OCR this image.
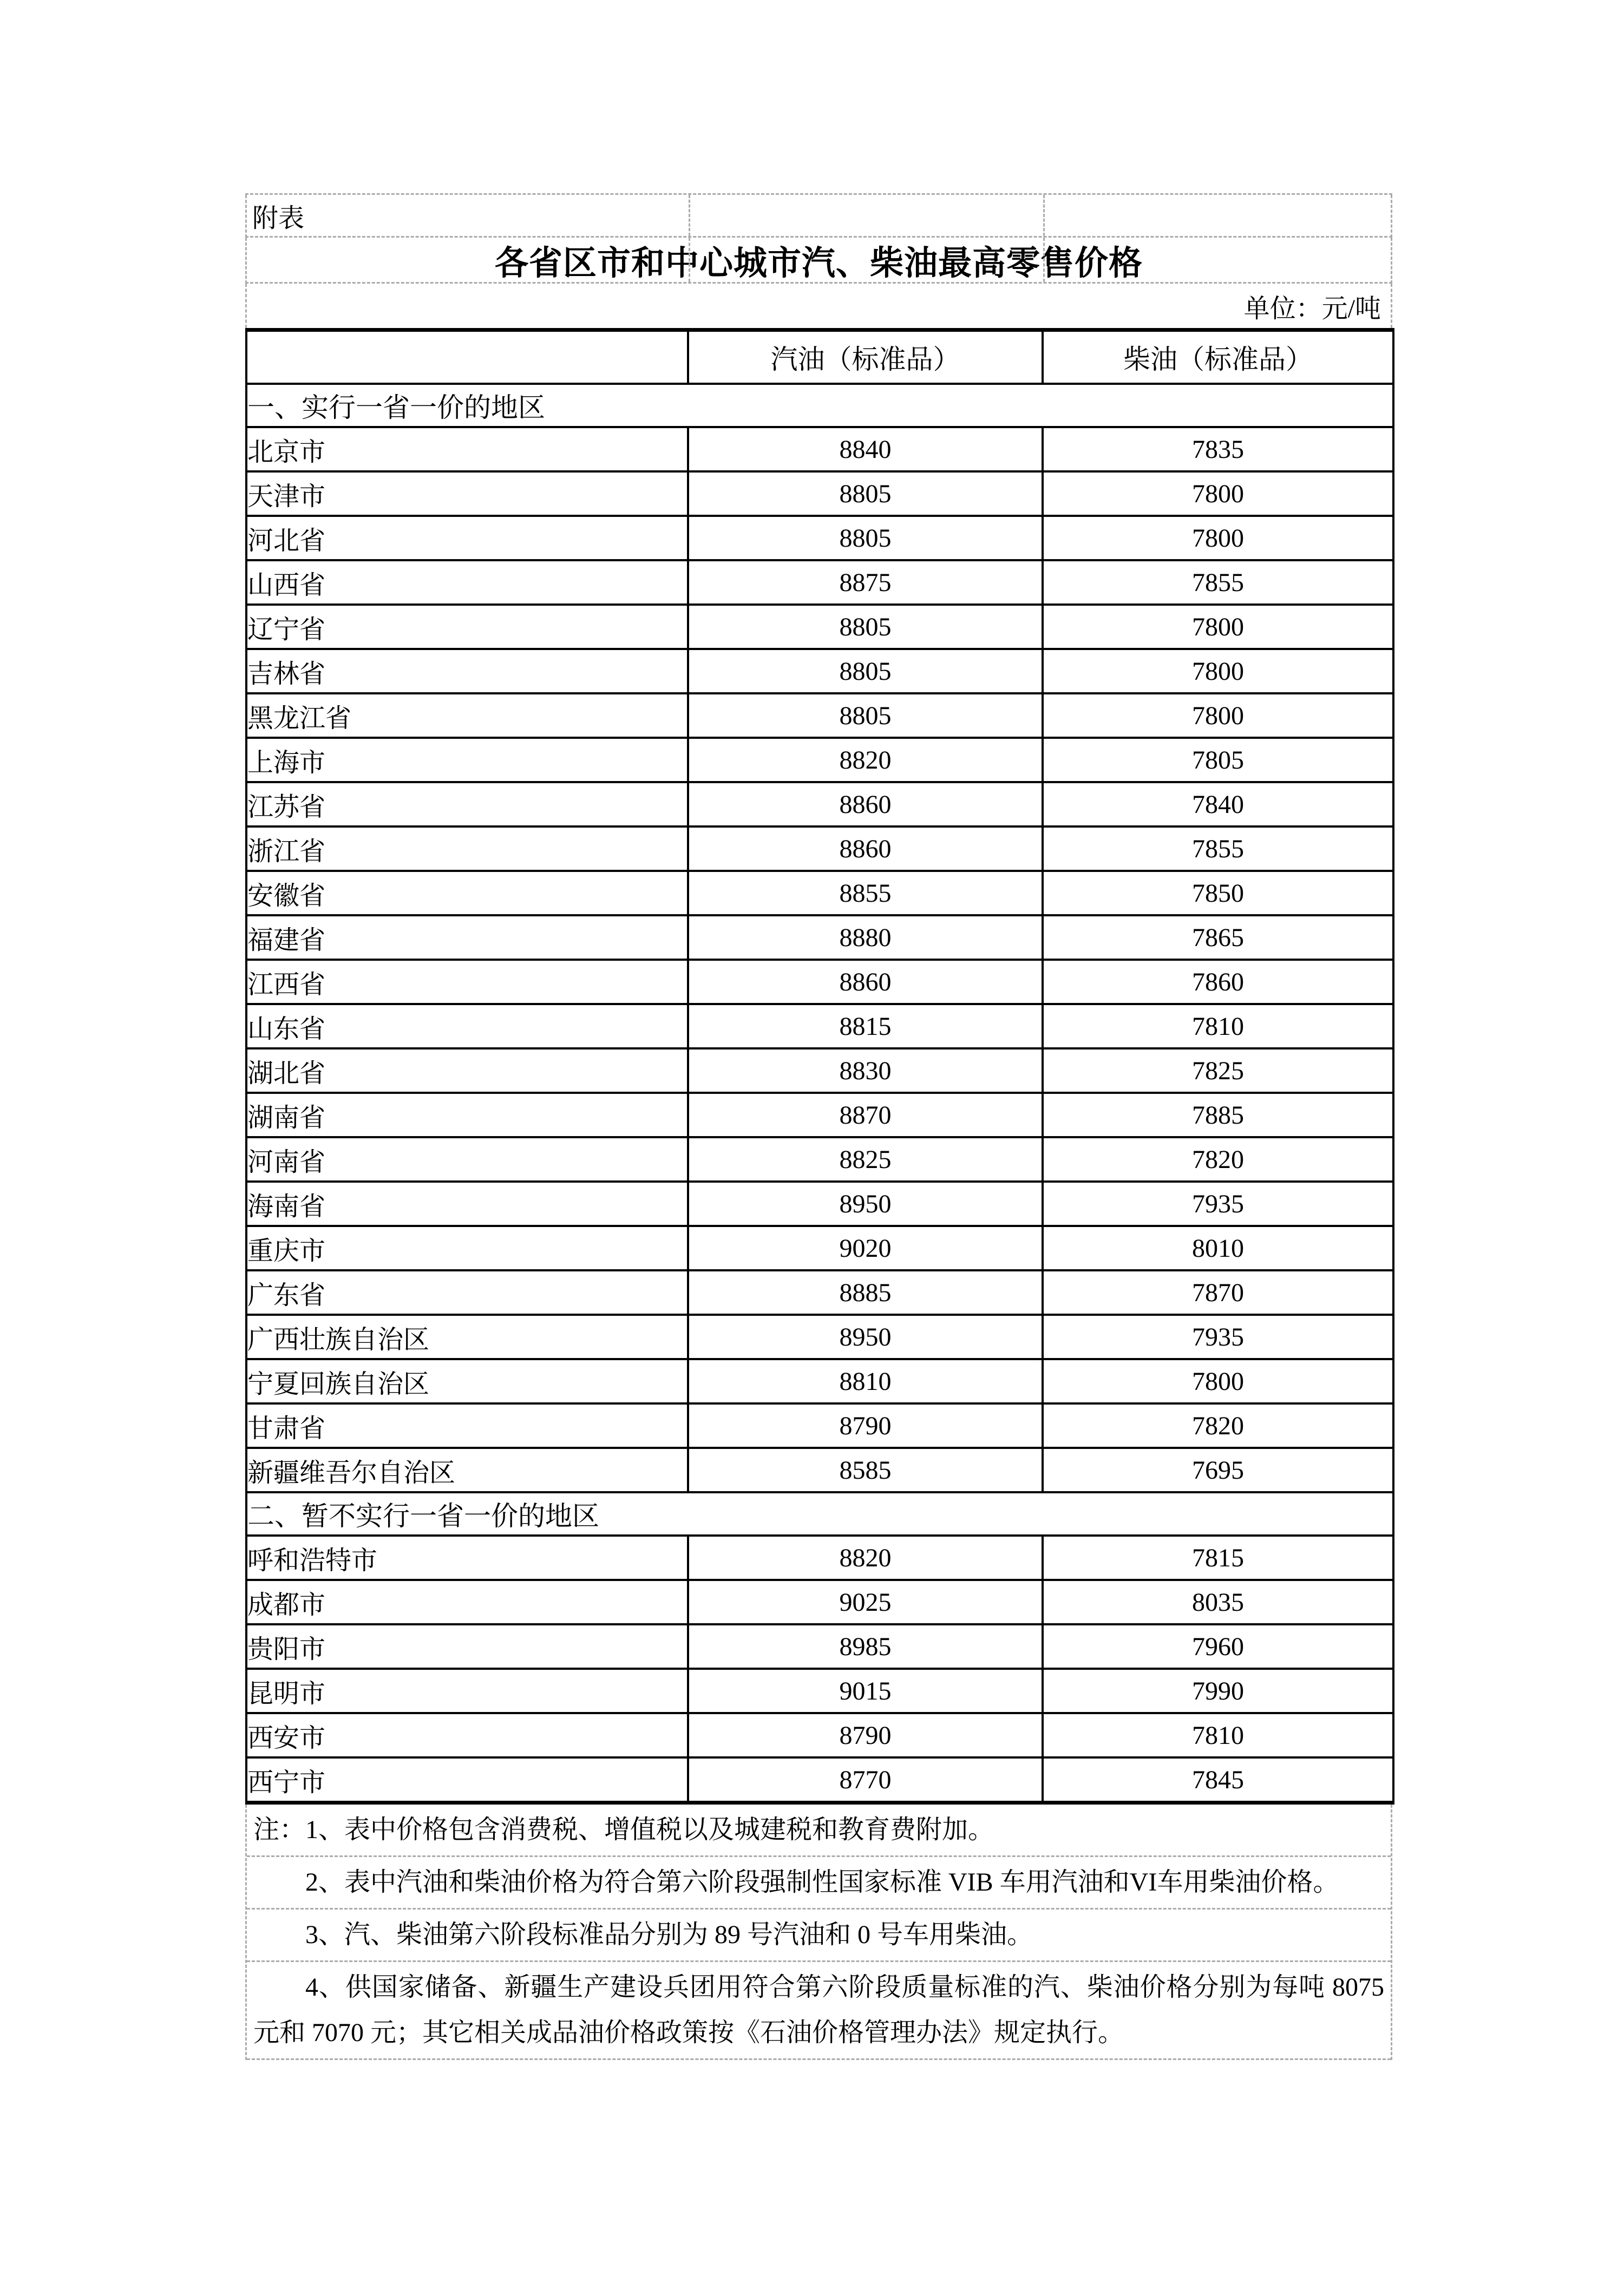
附表
各省区市和中心城市汽、柴油最高零售价格
单位：元/吨
	汽油（标准品）	柴油（标准品）
一、实行一省一价的地区		
北京市	8840	7835
天津市	8805	7800
河北省	8805	7800
山西省	8875	7855
辽宁省	8805	7800
吉林省	8805	7800
黑龙江省	8805	7800
上海市	8820	7805
江苏省	8860	7840
浙江省	8860	7855
安徽省	8855	7850
福建省	8880	7865
江西省	8860	7860
山东省	8815	7810
湖北省	8830	7825
湖南省	8870	7885
河南省	8825	7820
海南省	8950	7935
重庆市	9020	8010
广东省	8885	7870
广西壮族自治区	8950	7935
宁夏回族自治区	8810	7800
甘肃省	8790	7820
新疆维吾尔自治区	8585	7695
二、暂不实行一省一价的地区		
呼和浩特市	8820	7815
成都市	9025	8035
贵阳市	8985	7960
昆明市	9015	7990
西安市	8790	7810
西宁市	8770	7845
注：1、表中价格包含消费税、增值税以及城建税和教育费附加。
2、表中汽油和柴油价格为符合第六阶段强制性国家标准 VIB 车用汽油和VI车用柴油价格。
3、汽、柴油第六阶段标准品分别为 89 号汽油和 0 号车用柴油。
4、供国家储备、新疆生产建设兵团用符合第六阶段质量标准的汽、柴油价格分别为每吨 8075 元和 7070 元；其它相关成品油价格政策按《石油价格管理办法》规定执行。
